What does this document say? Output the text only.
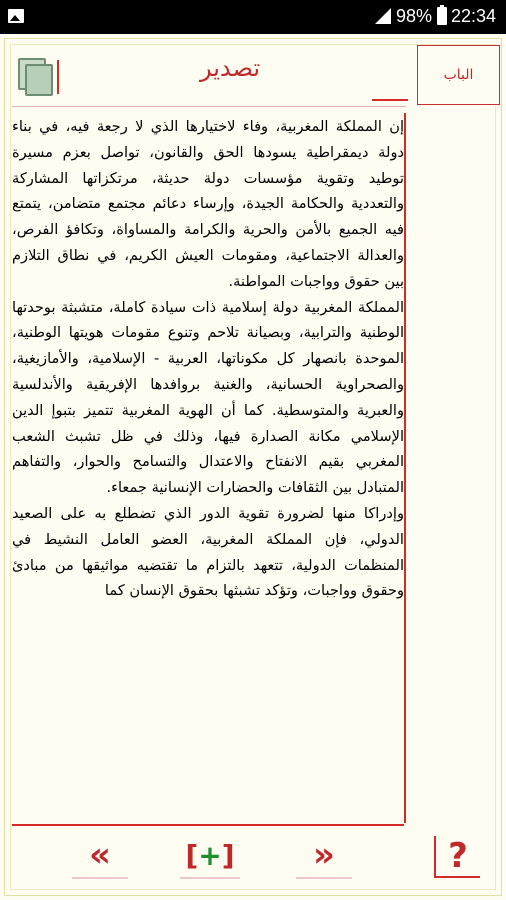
98% 22:34
تصدير	الباب

إن المملكة المغربية، وفاء لاختيارها الذي لا رجعة فيه، في بناء دولة ديمقراطية يسودها الحق والقانون، تواصل بعزم مسيرة توطيد وتقوية مؤسسات دولة حديثة، مرتكزاتها المشاركة والتعددية والحكامة الجيدة، وإرساء دعائم مجتمع متضامن، يتمتع فيه الجميع بالأمن والحرية والكرامة والمساواة، وتكافؤ الفرص، والعدالة الاجتماعية، ومقومات العيش الكريم، في نطاق التلازم بين حقوق وواجبات المواطنة.

المملكة المغربية دولة إسلامية ذات سيادة كاملة، متشبثة بوحدتها الوطنية والترابية، وبصيانة تلاحم وتنوع مقومات هويتها الوطنية، الموحدة بانصهار كل مكوناتها، العربية - الإسلامية، والأمازيغية، والصحراوية الحسانية، والغنية بروافدها الإفريقية والأندلسية والعبرية والمتوسطية. كما أن الهوية المغربية تتميز بتبوإ الدين الإسلامي مكانة الصدارة فيها، وذلك في ظل تشبث الشعب المغربي بقيم الانفتاح والاعتدال والتسامح والحوار، والتفاهم المتبادل بين الثقافات والحضارات الإنسانية جمعاء.

وإدراكا منها لضرورة تقوية الدور الذي تضطلع به على الصعيد الدولي، فإن المملكة المغربية، العضو العامل النشيط في المنظمات الدولية، تتعهد بالتزام ما تقتضيه مواثيقها من مبادئ وحقوق وواجبات، وتؤكد تشبثها بحقوق الإنسان كما

«	[ + ] »	?
